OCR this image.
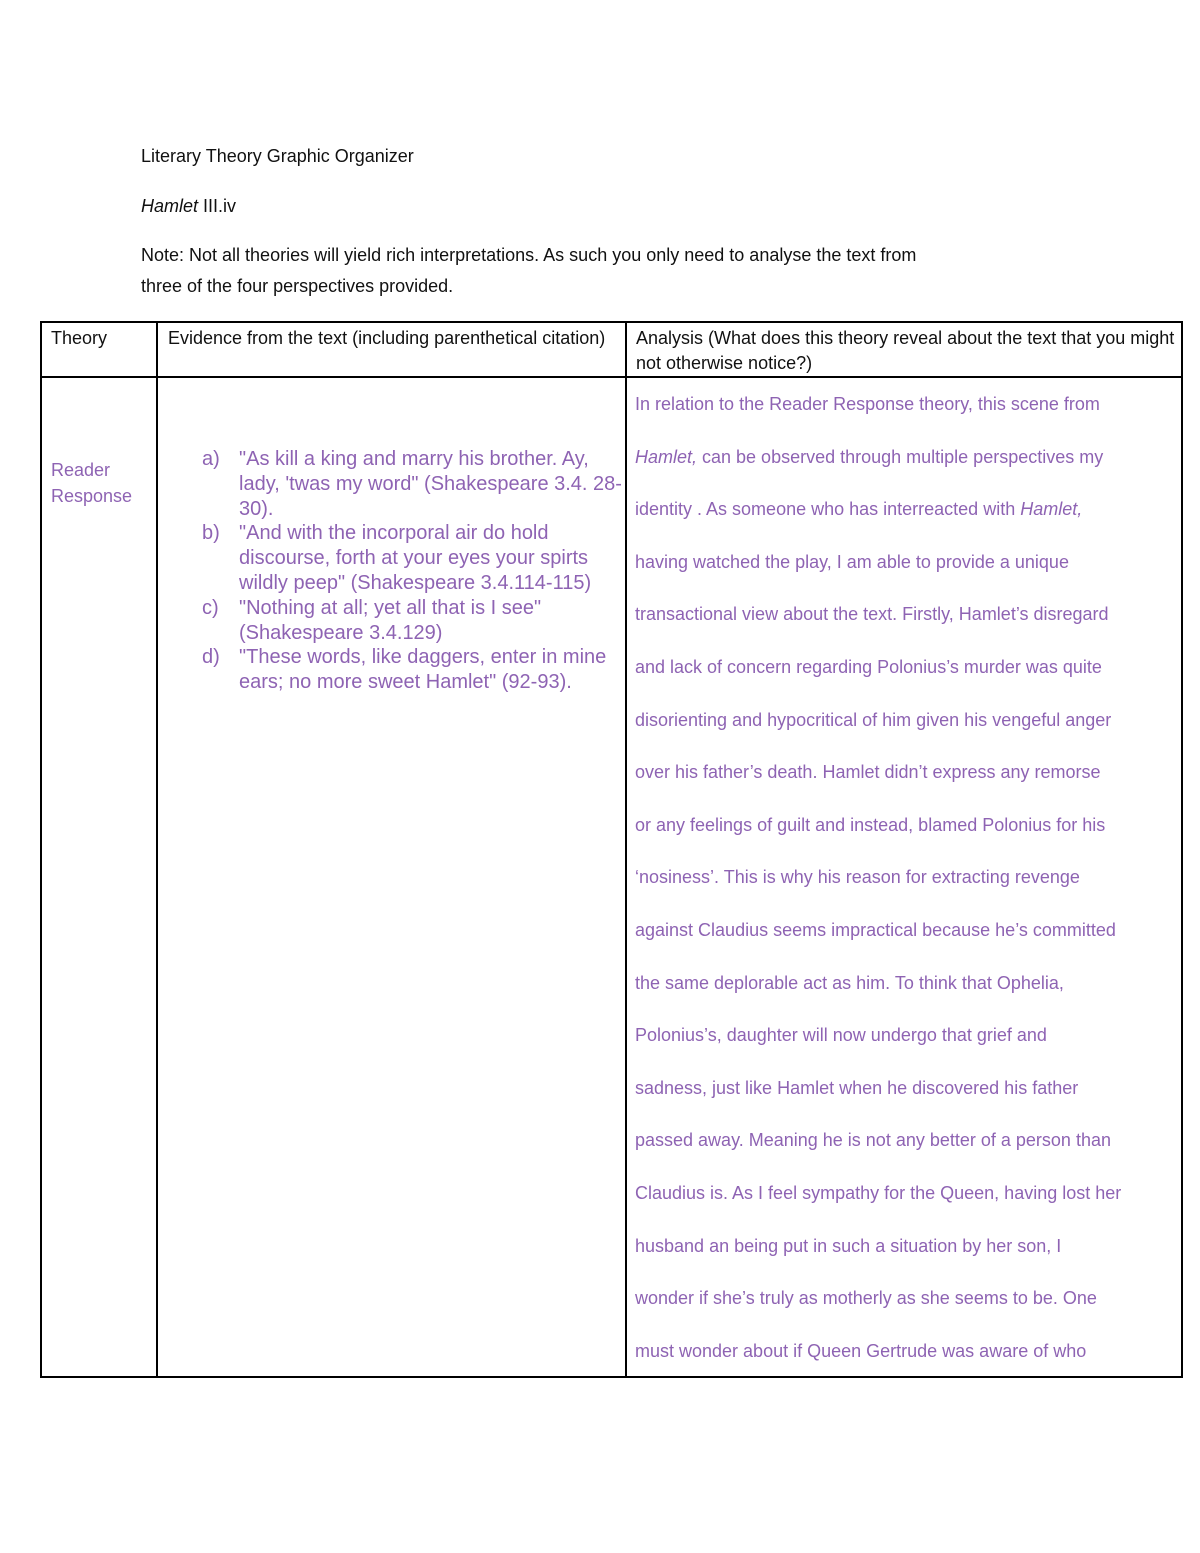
Literary Theory Graphic Organizer
Hamlet III.iv
Note: Not all theories will yield rich interpretations. As such you only need to analyse the text from
three of the four perspectives provided.
Theory	Evidence from the text (including parenthetical citation) Analysis (What does this theory reveal about the text that you might not otherwise notice?)
Reader Response
a) "As kill a king and marry his brother. Ay, lady, 'twas my word" (Shakespeare 3.4. 28-30).
b) "And with the incorporal air do hold discourse, forth at your eyes your spirts wildly peep" (Shakespeare 3.4.114-115)
c) "Nothing at all; yet all that is I see" (Shakespeare 3.4.129)
d) "These words, like daggers, enter in mine ears; no more sweet Hamlet" (92-93).
In relation to the Reader Response theory, this scene from
Hamlet, can be observed through multiple perspectives my
identity . As someone who has interreacted with Hamlet,
having watched the play, I am able to provide a unique
transactional view about the text. Firstly, Hamlet’s disregard
and lack of concern regarding Polonius’s murder was quite
disorienting and hypocritical of him given his vengeful anger
over his father’s death. Hamlet didn’t express any remorse
or any feelings of guilt and instead, blamed Polonius for his
‘nosiness’. This is why his reason for extracting revenge
against Claudius seems impractical because he’s committed
the same deplorable act as him. To think that Ophelia,
Polonius’s, daughter will now undergo that grief and
sadness, just like Hamlet when he discovered his father
passed away. Meaning he is not any better of a person than
Claudius is. As I feel sympathy for the Queen, having lost her
husband an being put in such a situation by her son, I
wonder if she’s truly as motherly as she seems to be. One
must wonder about if Queen Gertrude was aware of who
